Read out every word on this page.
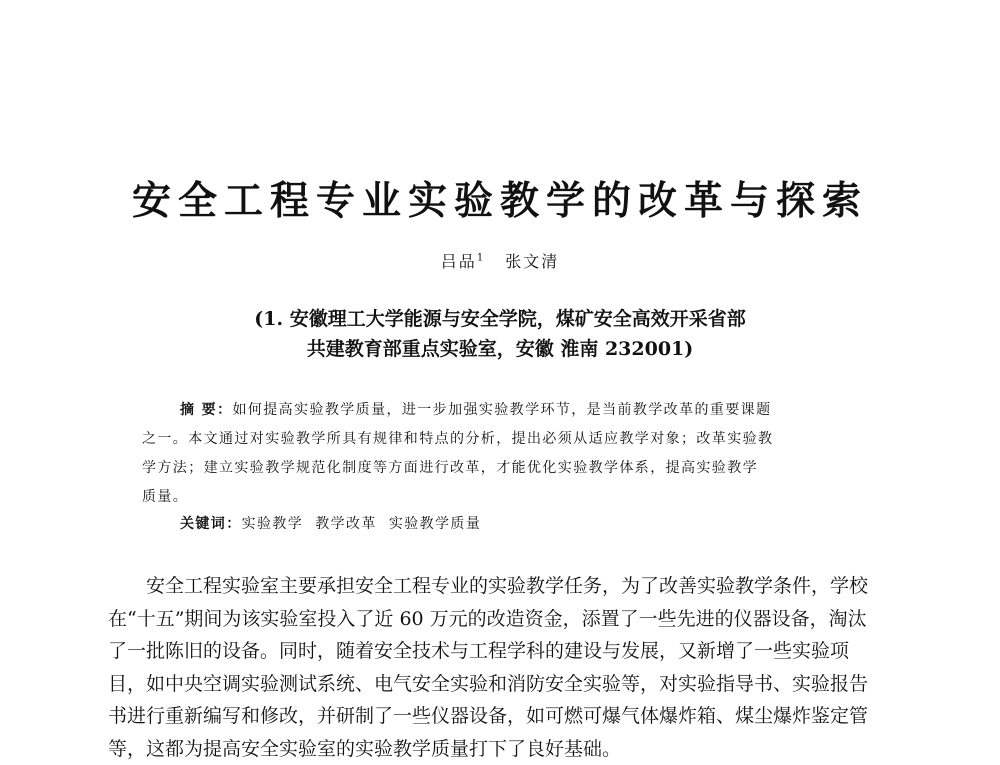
安全工程专业实验教学的改革与探索
吕品$^1$ 张文清
(1. 安徽理工大学能源与安全学院，煤矿安全高效开采省部
共建教育部重点实验室，安徽 淮南 232001)
摘 要：如何提高实验教学质量，进一步加强实验教学环节，是当前教学改革的重要课题
之一。本文通过对实验教学所具有规律和特点的分析，提出必须从适应教学对象；改革实验教
学方法；建立实验教学规范化制度等方面进行改革，才能优化实验教学体系，提高实验教学
质量。
关键词：实验教学 教学改革 实验教学质量
安全工程实验室主要承担安全工程专业的实验教学任务，为了改善实验教学条件，学校
在“十五”期间为该实验室投入了近 60 万元的改造资金，添置了一些先进的仪器设备，淘汰
了一批陈旧的设备。同时，随着安全技术与工程学科的建设与发展，又新增了一些实验项
目，如中央空调实验测试系统、电气安全实验和消防安全实验等，对实验指导书、实验报告
书进行重新编写和修改，并研制了一些仪器设备，如可燃可爆气体爆炸箱、煤尘爆炸鉴定管
等，这都为提高安全实验室的实验教学质量打下了良好基础。
